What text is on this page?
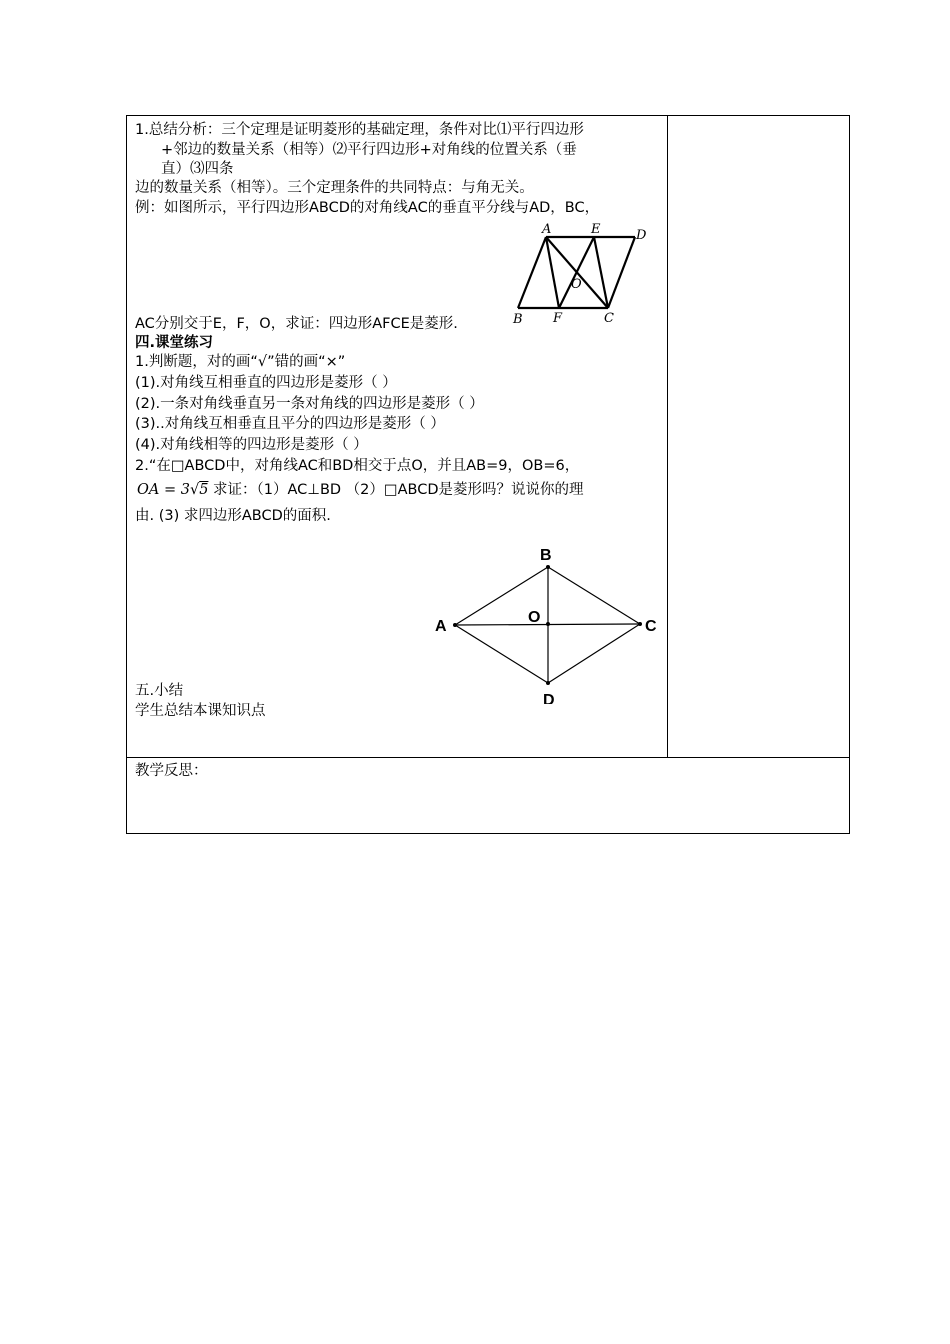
1.总结分析：三个定理是证明菱形的基础定理，条件对比⑴平行四边形
+邻边的数量关系（相等）⑵平行四边形+对角线的位置关系（垂
直）⑶四条
边的数量关系（相等）。三个定理条件的共同特点：与角无关。
例：如图所示，平行四边形ABCD的对角线AC的垂直平分线与AD，BC，
A	E	D
O
B F	C
AC分别交于E，F，O，求证：四边形AFCE是菱形.
四.课堂练习
1.判断题，对的画“√”错的画“×”
(1).对角线互相垂直的四边形是菱形（ ）
(2).一条对角线垂直另一条对角线的四边形是菱形（ ）
(3)..对角线互相垂直且平分的四边形是菱形（ ）
(4).对角线相等的四边形是菱形（ ）
2.“在□ABCD中，对角线AC和BD相交于点O，并且AB=9，OB=6，
OA = 3√5 求证：（1）AC⊥BD （2）□ABCD是菱形吗？说说你的理
由. (3) 求四边形ABCD的面积.
B
A	C
O
D
五.小结
学生总结本课知识点
教学反思：
